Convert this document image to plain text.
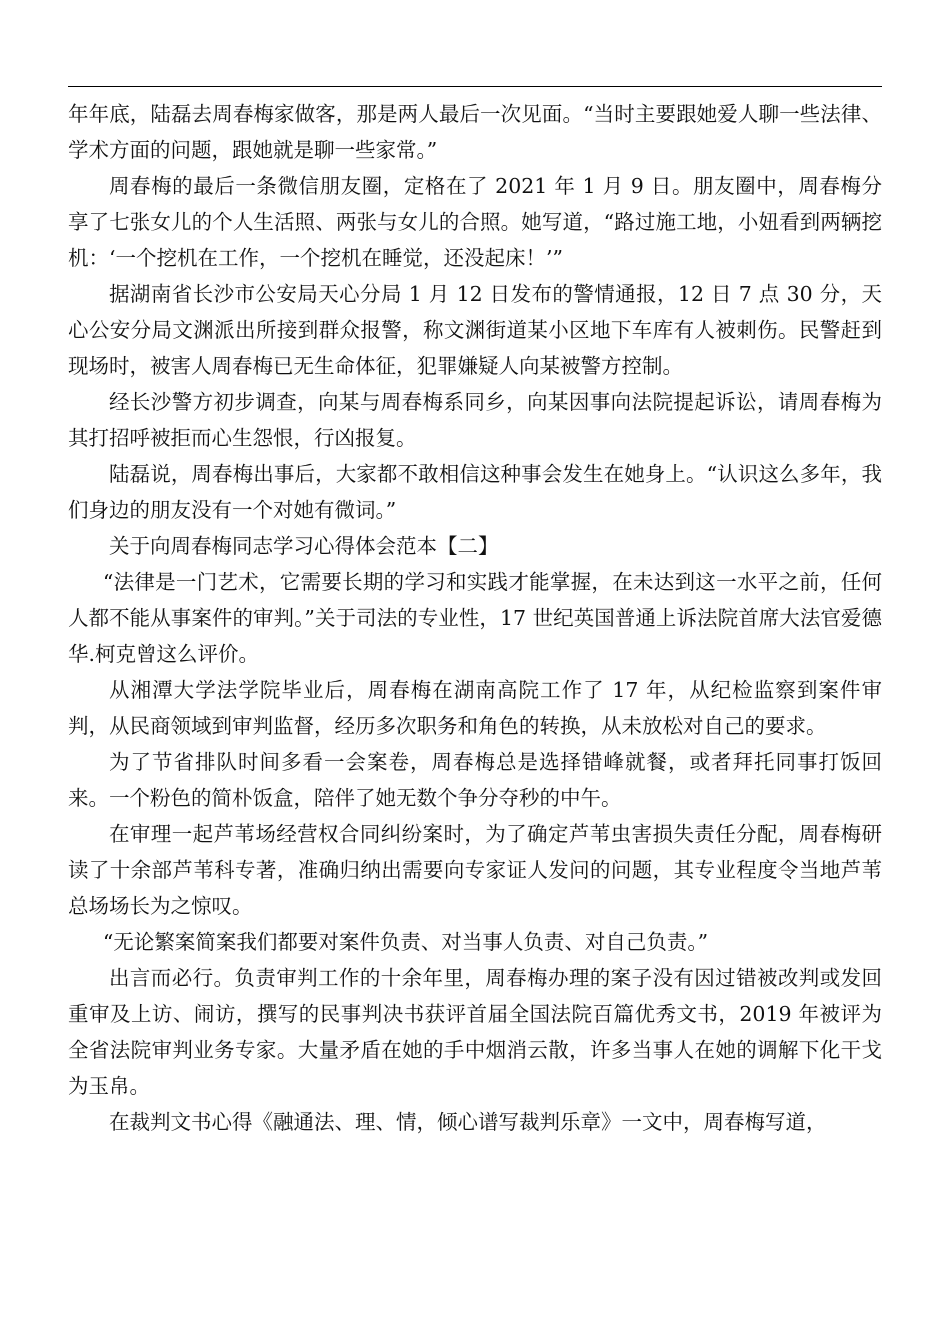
年年底，陆磊去周春梅家做客，那是两人最后一次见面。“当时主要跟她爱人聊一些法律、学术方面的问题，跟她就是聊一些家常。”

周春梅的最后一条微信朋友圈，定格在了 2021 年 1 月 9 日。朋友圈中，周春梅分享了七张女儿的个人生活照、两张与女儿的合照。她写道，“路过施工地，小妞看到两辆挖机：‘一个挖机在工作，一个挖机在睡觉，还没起床！’”

据湖南省长沙市公安局天心分局 1 月 12 日发布的警情通报，12 日 7 点 30 分，天心公安分局文渊派出所接到群众报警，称文渊街道某小区地下车库有人被刺伤。民警赶到现场时，被害人周春梅已无生命体征，犯罪嫌疑人向某被警方控制。

经长沙警方初步调查，向某与周春梅系同乡，向某因事向法院提起诉讼，请周春梅为其打招呼被拒而心生怨恨，行凶报复。

陆磊说，周春梅出事后，大家都不敢相信这种事会发生在她身上。“认识这么多年，我们身边的朋友没有一个对她有微词。”

关于向周春梅同志学习心得体会范本【二】

“法律是一门艺术，它需要长期的学习和实践才能掌握，在未达到这一水平之前，任何人都不能从事案件的审判。”关于司法的专业性，17 世纪英国普通上诉法院首席大法官爱德华.柯克曾这么评价。

从湘潭大学法学院毕业后，周春梅在湖南高院工作了 17 年，从纪检监察到案件审判，从民商领域到审判监督，经历多次职务和角色的转换，从未放松对自己的要求。

为了节省排队时间多看一会案卷，周春梅总是选择错峰就餐，或者拜托同事打饭回来。一个粉色的简朴饭盒，陪伴了她无数个争分夺秒的中午。

在审理一起芦苇场经营权合同纠纷案时，为了确定芦苇虫害损失责任分配，周春梅研读了十余部芦苇科专著，准确归纳出需要向专家证人发问的问题，其专业程度令当地芦苇总场场长为之惊叹。

“无论繁案简案我们都要对案件负责、对当事人负责、对自己负责。”

出言而必行。负责审判工作的十余年里，周春梅办理的案子没有因过错被改判或发回重审及上访、闹访，撰写的民事判决书获评首届全国法院百篇优秀文书，2019 年被评为全省法院审判业务专家。大量矛盾在她的手中烟消云散，许多当事人在她的调解下化干戈为玉帛。

在裁判文书心得《融通法、理、情，倾心谱写裁判乐章》一文中，周春梅写道，
